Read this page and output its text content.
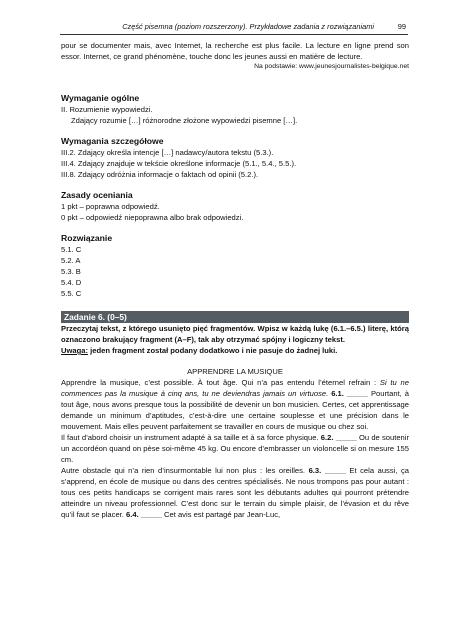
Część pisemna (poziom rozszerzony). Przykładowe zadania z rozwiązaniami	99

pour se documenter mais, avec Internet, la recherche est plus facile. La lecture en ligne prend son essor. Internet, ce grand phénomène, touche donc les jeunes aussi en matière de lecture.

Na podstawie: www.jeunesjournalistes-belgique.net

Wymaganie ogólne

II. Rozumienie wypowiedzi.

Zdający rozumie […] różnorodne złożone wypowiedzi pisemne […].

Wymagania szczegółowe

III.2. Zdający określa intencje […] nadawcy/autora tekstu (5.3.).

III.4. Zdający znajduje w tekście określone informacje (5.1., 5.4., 5.5.).

III.8. Zdający odróżnia informacje o faktach od opinii (5.2.).

Zasady oceniania

1 pkt – poprawna odpowiedź.

0 pkt – odpowiedź niepoprawna albo brak odpowiedzi.

Rozwiązanie

5.1. C

5.2. A

5.3. B

5.4. D

5.5. C

Zadanie 6. (0–5)

Przeczytaj tekst, z którego usunięto pięć fragmentów. Wpisz w każdą lukę (6.1.–6.5.) literę, którą oznaczono brakujący fragment (A–F), tak aby otrzymać spójny i logiczny tekst.

Uwaga: jeden fragment został podany dodatkowo i nie pasuje do żadnej luki.

APPRENDRE LA MUSIQUE

Apprendre la musique, c’est possible. À tout âge. Qui n’a pas entendu l’éternel refrain : Si tu ne commences pas la musique à cinq ans, tu ne deviendras jamais un virtuose. 6.1. _____ Pourtant, à tout âge, nous avons presque tous la possibilité de devenir un bon musicien. Certes, cet apprentissage demande un minimum d’aptitudes, c’est-à-dire une certaine souplesse et une précision dans le mouvement. Mais elles peuvent parfaitement se travailler en cours de musique ou chez soi.

Il faut d’abord choisir un instrument adapté à sa taille et à sa force physique. 6.2. _____ Ou de soutenir un accordéon quand on pèse soi-même 45 kg. Ou encore d’embrasser un violoncelle si on mesure 155 cm.

Autre obstacle qui n’a rien d’insurmontable lui non plus : les oreilles. 6.3. _____ Et cela aussi, ça s’apprend, en école de musique ou dans des centres spécialisés. Ne nous trompons pas pour autant : tous ces petits handicaps se corrigent mais rares sont les débutants adultes qui pourront prétendre atteindre un niveau professionnel. C’est donc sur le terrain du simple plaisir, de l’évasion et du rêve qu’il faut se placer. 6.4. _____ Cet avis est partagé par Jean-Luc,
